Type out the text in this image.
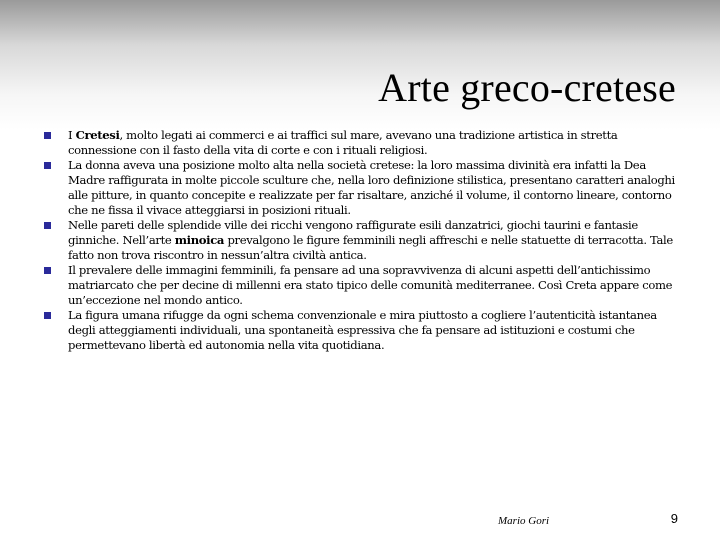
Arte greco-cretese
I Cretesi, molto legati ai commerci e ai traffici sul mare, avevano una tradizione artistica in stretta connessione con il fasto della vita di corte e con i rituali religiosi.
La donna aveva una posizione molto alta nella società cretese: la loro massima divinità era infatti la Dea Madre raffigurata in molte piccole sculture che, nella loro definizione stilistica, presentano caratteri analoghi alle pitture, in quanto concepite e realizzate per far risaltare, anziché il volume, il contorno lineare, contorno che ne fissa il vivace atteggiarsi in posizioni rituali.
Nelle pareti delle splendide ville dei ricchi vengono raffigurate esili danzatrici, giochi taurini e fantasie ginniche. Nell’arte minoica prevalgono le figure femminili negli affreschi e nelle statuette di terracotta. Tale fatto non trova riscontro in nessun’altra civiltà antica.
Il prevalere delle immagini femminili, fa pensare ad una sopravvivenza di alcuni aspetti dell’antichissimo matriarcato che per decine di millenni era stato tipico delle comunità mediterranee. Così Creta appare come un’eccezione nel mondo antico.
La figura umana rifugge da ogni schema convenzionale e mira piuttosto a cogliere l’autenticità istantanea degli atteggiamenti individuali, una spontaneità espressiva che fa pensare ad istituzioni e costumi che permettevano libertà ed autonomia nella vita quotidiana.
Mario Gori	9
